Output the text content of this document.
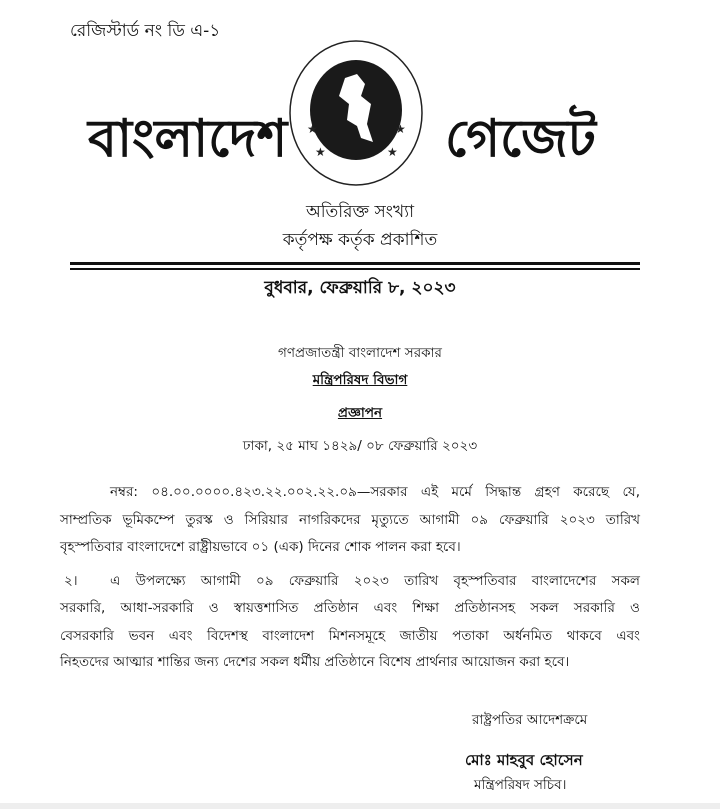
রেজিস্টার্ড নং ডি এ-১
বাংলাদেশ	গেজেট
★	★
★	★
অতিরিক্ত সংখ্যা
কর্তৃপক্ষ কর্তৃক প্রকাশিত
বুধবার, ফেব্রুয়ারি ৮, ২০২৩
গণপ্রজাতন্ত্রী বাংলাদেশ সরকার
মন্ত্রিপরিষদ বিভাগ
প্রজ্ঞাপন
ঢাকা, ২৫ মাঘ ১৪২৯/ ০৮ ফেব্রুয়ারি ২০২৩
নম্বর: ০৪.০০.০০০০.৪২৩.২২.০০২.২২.০৯—সরকার এই মর্মে সিদ্ধান্ত গ্রহণ করেছে যে,
সাম্প্রতিক ভূমিকম্পে তুরস্ক ও সিরিয়ার নাগরিকদের মৃত্যুতে আগামী ০৯ ফেব্রুয়ারি ২০২৩ তারিখ
বৃহস্পতিবার বাংলাদেশে রাষ্ট্রীয়ভাবে ০১ (এক) দিনের শোক পালন করা হবে।
২। এ উপলক্ষ্যে আগামী ০৯ ফেব্রুয়ারি ২০২৩ তারিখ বৃহস্পতিবার বাংলাদেশের সকল
সরকারি, আধা-সরকারি ও স্বায়ত্তশাসিত প্রতিষ্ঠান এবং শিক্ষা প্রতিষ্ঠানসহ সকল সরকারি ও
বেসরকারি ভবন এবং বিদেশস্থ বাংলাদেশ মিশনসমূহে জাতীয় পতাকা অর্ধনমিত থাকবে এবং
নিহতদের আত্মার শান্তির জন্য দেশের সকল ধর্মীয় প্রতিষ্ঠানে বিশেষ প্রার্থনার আয়োজন করা হবে।
রাষ্ট্রপতির আদেশক্রমে
মোঃ মাহবুব হোসেন
মন্ত্রিপরিষদ সচিব।
